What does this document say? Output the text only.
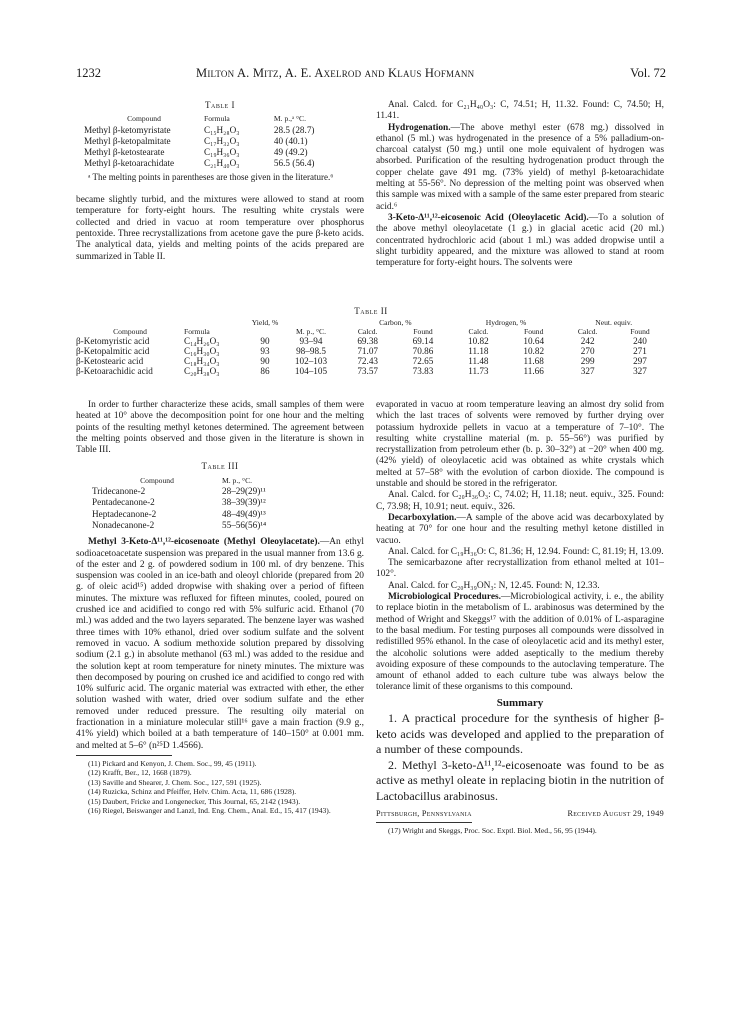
1232	Milton A. Mitz, A. E. Axelrod and Klaus Hofmann	Vol. 72
Table I
Compound	Formula	M. p.,ᵃ °C.
Methyl β-ketomyristate	C₁₅H₂₈O₃	28.5 (28.7)
Methyl β-ketopalmitate	C₁₇H₃₂O₃	40 (40.1)
Methyl β-ketostearate	C₁₉H₃₆O₃	49 (49.2)
Methyl β-ketoarachidate	C₂₁H₄₀O₃	56.5 (56.4)

ᵃ The melting points in parentheses are those given in the literature.⁶

became slightly turbid, and the mixtures were allowed to stand at room temperature for forty-eight hours. The resulting white crystals were collected and dried in vacuo at room temperature over phosphorus pentoxide. Three recrystallizations from acetone gave the pure β-keto acids. The analytical data, yields and melting points of the acids prepared are summarized in Table II.

Anal. Calcd. for C₂₁H₄₀O₃: C, 74.51; H, 11.32. Found: C, 74.50; H, 11.41.

Hydrogenation.—The above methyl ester (678 mg.) dissolved in ethanol (5 ml.) was hydrogenated in the presence of a 5% palladium-on-charcoal catalyst (50 mg.) until one mole equivalent of hydrogen was absorbed. Purification of the resulting hydrogenation product through the copper chelate gave 491 mg. (73% yield) of methyl β-ketoarachidate melting at 55-56°. No depression of the melting point was observed when this sample was mixed with a sample of the same ester prepared from stearic acid.⁶

3-Keto-Δ¹¹,¹²-eicosenoic Acid (Oleoylacetic Acid).—To a solution of the above methyl oleoylacetate (1 g.) in glacial acetic acid (20 ml.) concentrated hydrochloric acid (about 1 ml.) was added dropwise until a slight turbidity appeared, and the mixture was allowed to stand at room temperature for forty-eight hours. The solvents were

Table II
		Yield, %		Carbon, %		Hydrogen, %		Neut. equiv.	
Compound	Formula		M. p., °C.	Calcd.	Found	Calcd.	Found	Calcd.	Found
β-Ketomyristic acid	C₁₄H₂₆O₃	90	93–94	69.38	69.14	10.82	10.64	242	240
β-Ketopalmitic acid	C₁₆H₃₀O₃	93	98–98.5	71.07	70.86	11.18	10.82	270	271
β-Ketostearic acid	C₁₈H₃₄O₃	90	102–103	72.43	72.65	11.48	11.68	299	297
β-Ketoarachidic acid	C₂₀H₃₈O₃	86	104–105	73.57	73.83	11.73	11.66	327	327

In order to further characterize these acids, small samples of them were heated at 10° above the decomposition point for one hour and the melting points of the resulting methyl ketones determined. The agreement between the melting points observed and those given in the literature is shown in Table III.

Table III
Compound	M. p., °C.
Tridecanone-2	28–29(29)¹¹
Pentadecanone-2	38–39(39)¹²
Heptadecanone-2	48–49(49)¹³
Nonadecanone-2	55–56(56)¹⁴

Methyl 3-Keto-Δ¹¹,¹²-eicosenoate (Methyl Oleoylacetate).—An ethyl sodioacetoacetate suspension was prepared in the usual manner from 13.6 g. of the ester and 2 g. of powdered sodium in 100 ml. of dry benzene. This suspension was cooled in an ice-bath and oleoyl chloride (prepared from 20 g. of oleic acid¹⁵) added dropwise with shaking over a period of fifteen minutes. The mixture was refluxed for fifteen minutes, cooled, poured on crushed ice and acidified to congo red with 5% sulfuric acid. Ethanol (70 ml.) was added and the two layers separated. The benzene layer was washed three times with 10% ethanol, dried over sodium sulfate and the solvent removed in vacuo. A sodium methoxide solution prepared by dissolving sodium (2.1 g.) in absolute methanol (63 ml.) was added to the residue and the solution kept at room temperature for ninety minutes. The mixture was then decomposed by pouring on crushed ice and acidified to congo red with 10% sulfuric acid. The organic material was extracted with ether, the ether solution washed with water, dried over sodium sulfate and the ether removed under reduced pressure. The resulting oily material on fractionation in a miniature molecular still¹⁶ gave a main fraction (9.9 g., 41% yield) which boiled at a bath temperature of 140–150° at 0.001 mm. and melted at 5–6° (n²⁵D 1.4566).

(11) Pickard and Kenyon, J. Chem. Soc., 99, 45 (1911).

(12) Krafft, Ber., 12, 1668 (1879).

(13) Saville and Shearer, J. Chem. Soc., 127, 591 (1925).

(14) Ruzicka, Schinz and Pfeiffer, Helv. Chim. Acta, 11, 686 (1928).

(15) Daubert, Fricke and Longenecker, This Journal, 65, 2142 (1943).

(16) Riegel, Beiswanger and Lanzl, Ind. Eng. Chem., Anal. Ed., 15, 417 (1943).

evaporated in vacuo at room temperature leaving an almost dry solid from which the last traces of solvents were removed by further drying over potassium hydroxide pellets in vacuo at a temperature of 7–10°. The resulting white crystalline material (m. p. 55–56°) was purified by recrystallization from petroleum ether (b. p. 30–32°) at −20° when 400 mg. (42% yield) of oleoylacetic acid was obtained as white crystals which melted at 57–58° with the evolution of carbon dioxide. The compound is unstable and should be stored in the refrigerator.

Anal. Calcd. for C₂₀H₃₆O₃: C, 74.02; H, 11.18; neut. equiv., 325. Found: C, 73.98; H, 10.91; neut. equiv., 326.

Decarboxylation.—A sample of the above acid was decarboxylated by heating at 70° for one hour and the resulting methyl ketone distilled in vacuo.

Anal. Calcd. for C₁₉H₃₆O: C, 81.36; H, 12.94. Found: C, 81.19; H, 13.09.

The semicarbazone after recrystallization from ethanol melted at 101–102°.

Anal. Calcd. for C₂₀H₃₉ON₃: N, 12.45. Found: N, 12.33.

Microbiological Procedures.—Microbiological activity, i. e., the ability to replace biotin in the metabolism of L. arabinosus was determined by the method of Wright and Skeggs¹⁷ with the addition of 0.01% of L-asparagine to the basal medium. For testing purposes all compounds were dissolved in redistilled 95% ethanol. In the case of oleoylacetic acid and its methyl ester, the alcoholic solutions were added aseptically to the medium thereby avoiding exposure of these compounds to the autoclaving temperature. The amount of ethanol added to each culture tube was always below the tolerance limit of these organisms to this compound.

Summary

1. A practical procedure for the synthesis of higher β-keto acids was developed and applied to the preparation of a number of these compounds.

2. Methyl 3-keto-Δ¹¹,¹²-eicosenoate was found to be as active as methyl oleate in replacing biotin in the nutrition of Lactobacillus arabinosus.

Pittsburgh, Pennsylvania	Received August 29, 1949

(17) Wright and Skeggs, Proc. Soc. Exptl. Biol. Med., 56, 95 (1944).
